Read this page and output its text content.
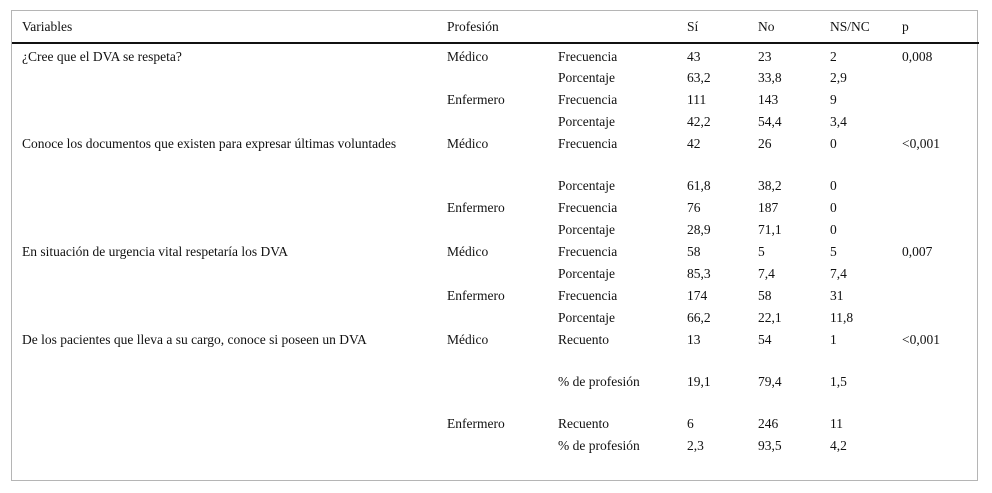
Variables	Profesión		Sí	No	NS/NC	p
¿Cree que el DVA se respeta?	Médico	Frecuencia	43	23	2	0,008
		Porcentaje	63,2	33,8	2,9	
	Enfermero	Frecuencia	111	143	9	
		Porcentaje	42,2	54,4	3,4	
Conoce los documentos que existen para expresar últimas voluntades	Médico	Frecuencia	42	26	0	<0,001
		Porcentaje	61,8	38,2	0	
	Enfermero	Frecuencia	76	187	0	
		Porcentaje	28,9	71,1	0	
En situación de urgencia vital respetaría los DVA	Médico	Frecuencia	58	5	5	0,007
		Porcentaje	85,3	7,4	7,4	
	Enfermero	Frecuencia	174	58	31	
		Porcentaje	66,2	22,1	11,8	
De los pacientes que lleva a su cargo, conoce si poseen un DVA	Médico	Recuento	13	54	1	<0,001
		% de profesión	19,1	79,4	1,5	
	Enfermero	Recuento	6	246	11	
		% de profesión	2,3	93,5	4,2	
